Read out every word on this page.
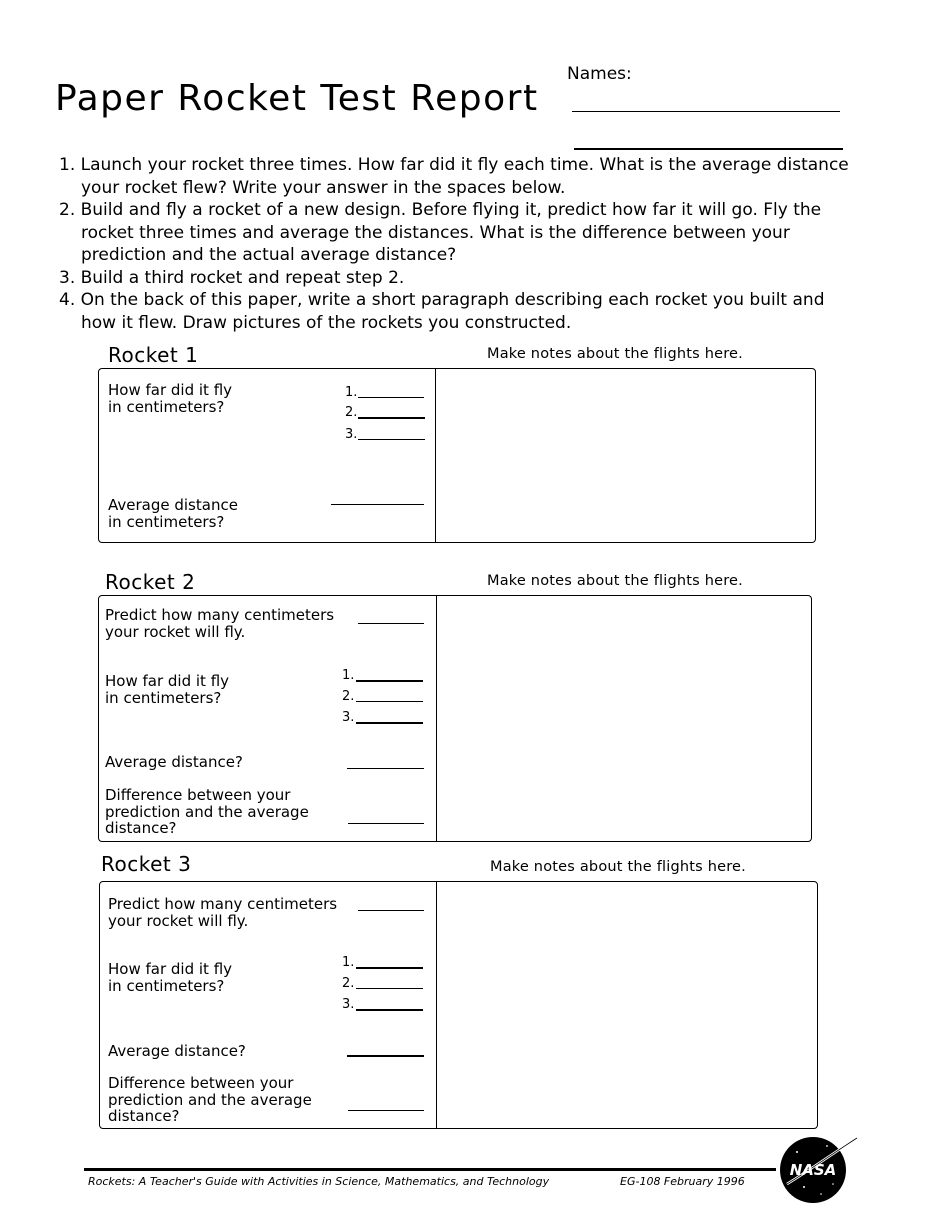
Paper Rocket Test Report
Names:
1. Launch your rocket three times. How far did it fly each time. What is the average distance your rocket flew? Write your answer in the spaces below.
2. Build and fly a rocket of a new design. Before flying it, predict how far it will go. Fly the rocket three times and average the distances. What is the difference between your prediction and the actual average distance?
3. Build a third rocket and repeat step 2.
4. On the back of this paper, write a short paragraph describing each rocket you built and how it flew. Draw pictures of the rockets you constructed.
Rocket 1	Make notes about the flights here.
How far did it fly
in centimeters?
1.
2.
3.
Average distance
in centimeters?
Rocket 2	Make notes about the flights here.
Predict how many centimeters
your rocket will fly.
How far did it fly
in centimeters?
1.
2.
3.
Average distance?
Difference between your
prediction and the average
distance?
Rocket 3	Make notes about the flights here.
Predict how many centimeters
your rocket will fly.
How far did it fly
in centimeters?
1.
2.
3.
Average distance?
Difference between your
prediction and the average
distance?
Rockets: A Teacher's Guide with Activities in Science, Mathematics, and Technology	EG-108 February 1996
NASA
